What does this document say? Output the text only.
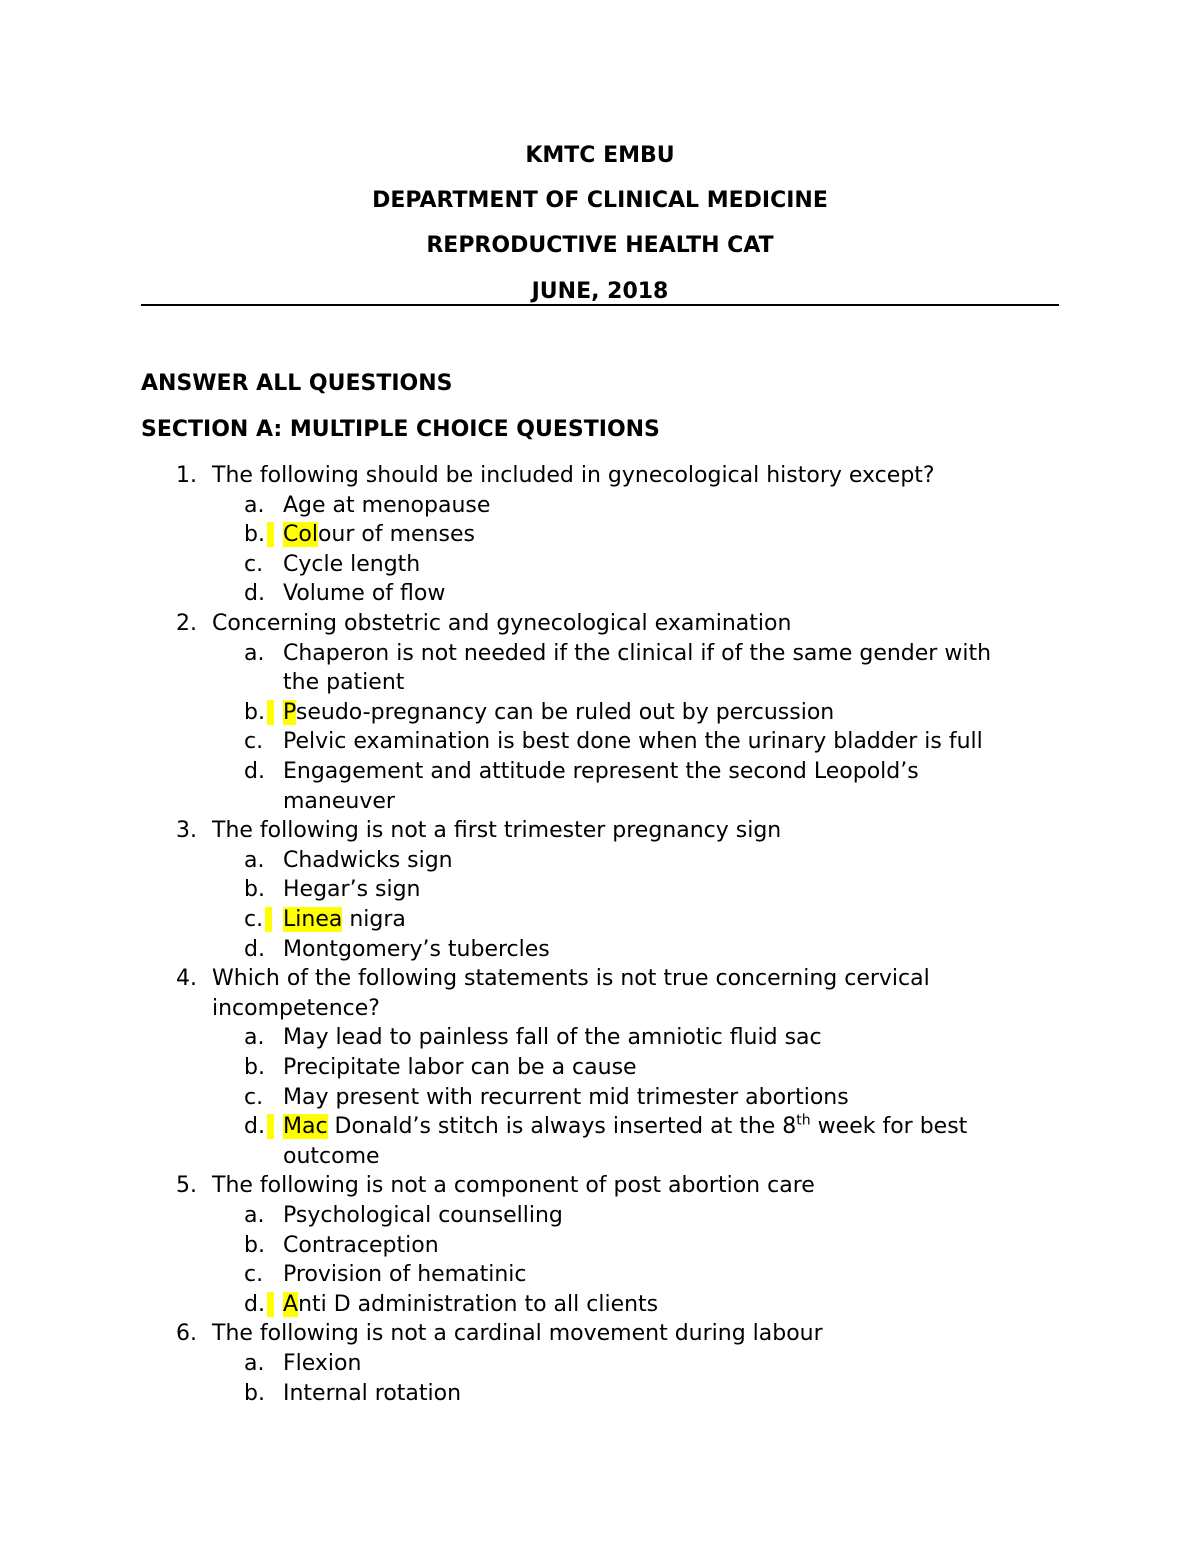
KMTC EMBU
DEPARTMENT OF CLINICAL MEDICINE
REPRODUCTIVE HEALTH CAT
JUNE, 2018
ANSWER ALL QUESTIONS
SECTION A: MULTIPLE CHOICE QUESTIONS
1. The following should be included in gynecological history except?
a. Age at menopause
b. Colour of menses
c. Cycle length
d. Volume of flow
2. Concerning obstetric and gynecological examination
a. Chaperon is not needed if the clinical if of the same gender with
the patient
b. Pseudo-pregnancy can be ruled out by percussion
c. Pelvic examination is best done when the urinary bladder is full
d. Engagement and attitude represent the second Leopold’s
maneuver
3. The following is not a first trimester pregnancy sign
a. Chadwicks sign
b. Hegar’s sign
c. Linea nigra
d. Montgomery’s tubercles
4. Which of the following statements is not true concerning cervical
incompetence?
a. May lead to painless fall of the amniotic fluid sac
b. Precipitate labor can be a cause
c. May present with recurrent mid trimester abortions
d. Mac Donald’s stitch is always inserted at the 8th week for best
outcome
5. The following is not a component of post abortion care
a. Psychological counselling
b. Contraception
c. Provision of hematinic
d. Anti D administration to all clients
6. The following is not a cardinal movement during labour
a. Flexion
b. Internal rotation
